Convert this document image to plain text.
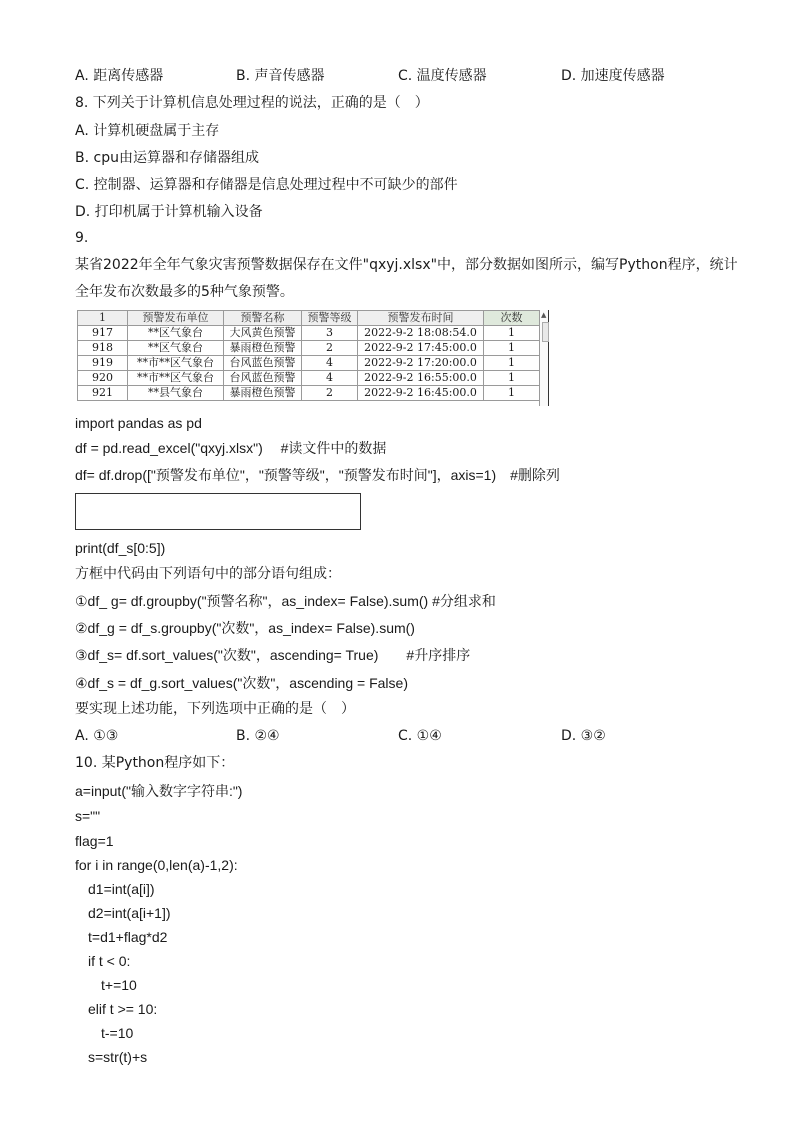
A. 距离传感器	B. 声音传感器	C. 温度传感器	D. 加速度传感器
8. 下列关于计算机信息处理过程的说法，正确的是（　）
A. 计算机硬盘属于主存
B. cpu由运算器和存储器组成
C. 控制器、运算器和存储器是信息处理过程中不可缺少的部件
D. 打印机属于计算机输入设备
9.
某省2022年全年气象灾害预警数据保存在文件"qxyj.xlsx"中，部分数据如图所示，编写Python程序，统计
全年发布次数最多的5种气象预警。
1	预警发布单位	预警名称	预警等级	预警发布时间	次数
917	**区气象台	大风黄色预警	3	2022-9-2 18:08:54.0	1
918	**区气象台	暴雨橙色预警	2	2022-9-2 17:45:00.0	1
919	**市**区气象台	台风蓝色预警	4	2022-9-2 17:20:00.0	1
920	**市**区气象台	台风蓝色预警	4	2022-9-2 16:55:00.0	1
921	**县气象台	暴雨橙色预警	2	2022-9-2 16:45:00.0	1
▲
import pandas as pd
df = pd.read_excel("qxyj.xlsx")　 #读文件中的数据
df= df.drop(["预警发布单位"，"预警等级"，"预警发布时间"]，axis=1)　#删除列
print(df_s[0:5])
方框中代码由下列语句中的部分语句组成：
①df_ g= df.groupby("预警名称"，as_index= False).sum() #分组求和
②df_g = df_s.groupby("次数"，as_index= False).sum()
③df_s= df.sort_values("次数"，ascending= True)　　#升序排序
④df_s = df_g.sort_values("次数"，ascending = False)
要实现上述功能，下列选项中正确的是（　）
A. ①③	B. ②④	C. ①④	D. ③②
10. 某Python程序如下：
a=input("输入数字字符串:")
s=""
flag=1
for i in range(0,len(a)-1,2):
d1=int(a[i])
d2=int(a[i+1])
t=d1+flag*d2
if t < 0:
t+=10
elif t >= 10:
t-=10
s=str(t)+s
